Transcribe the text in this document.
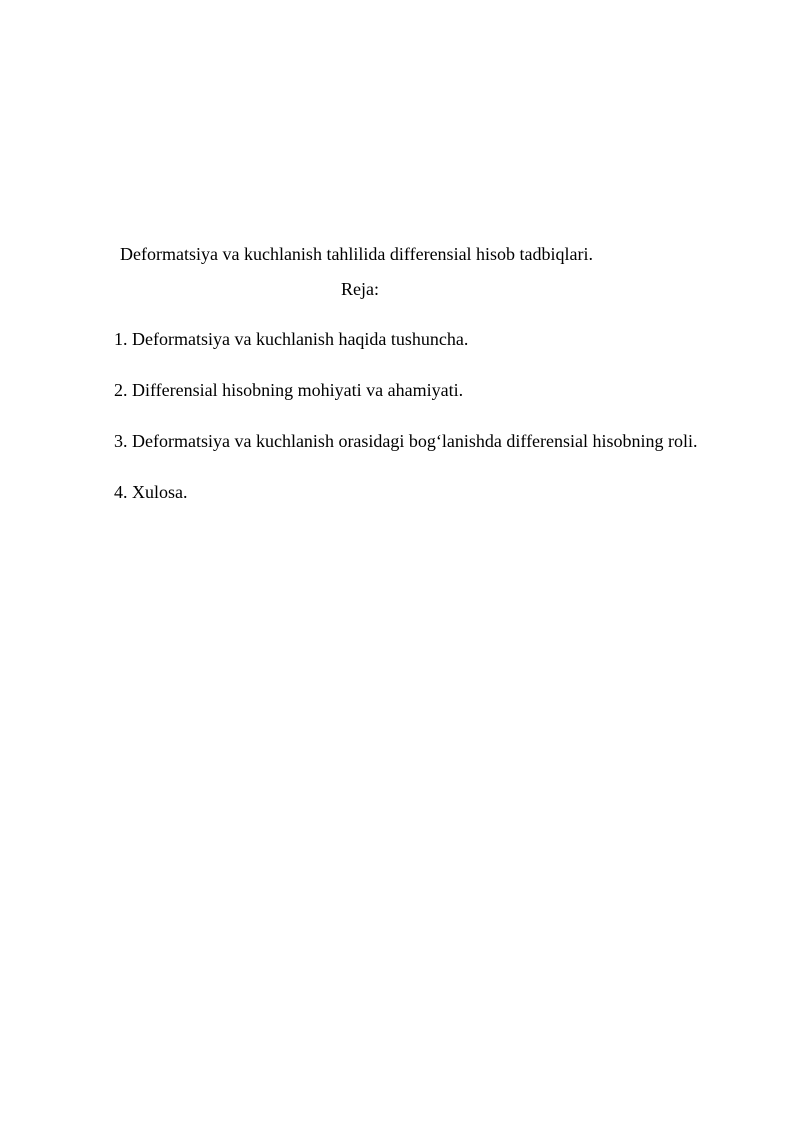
Deformatsiya va kuchlanish tahlilida differensial hisob tadbiqlari.
Reja:
1. Deformatsiya va kuchlanish haqida tushuncha.
2. Differensial hisobning mohiyati va ahamiyati.
3. Deformatsiya va kuchlanish orasidagi bog‘lanishda differensial hisobning roli.
4. Xulosa.
